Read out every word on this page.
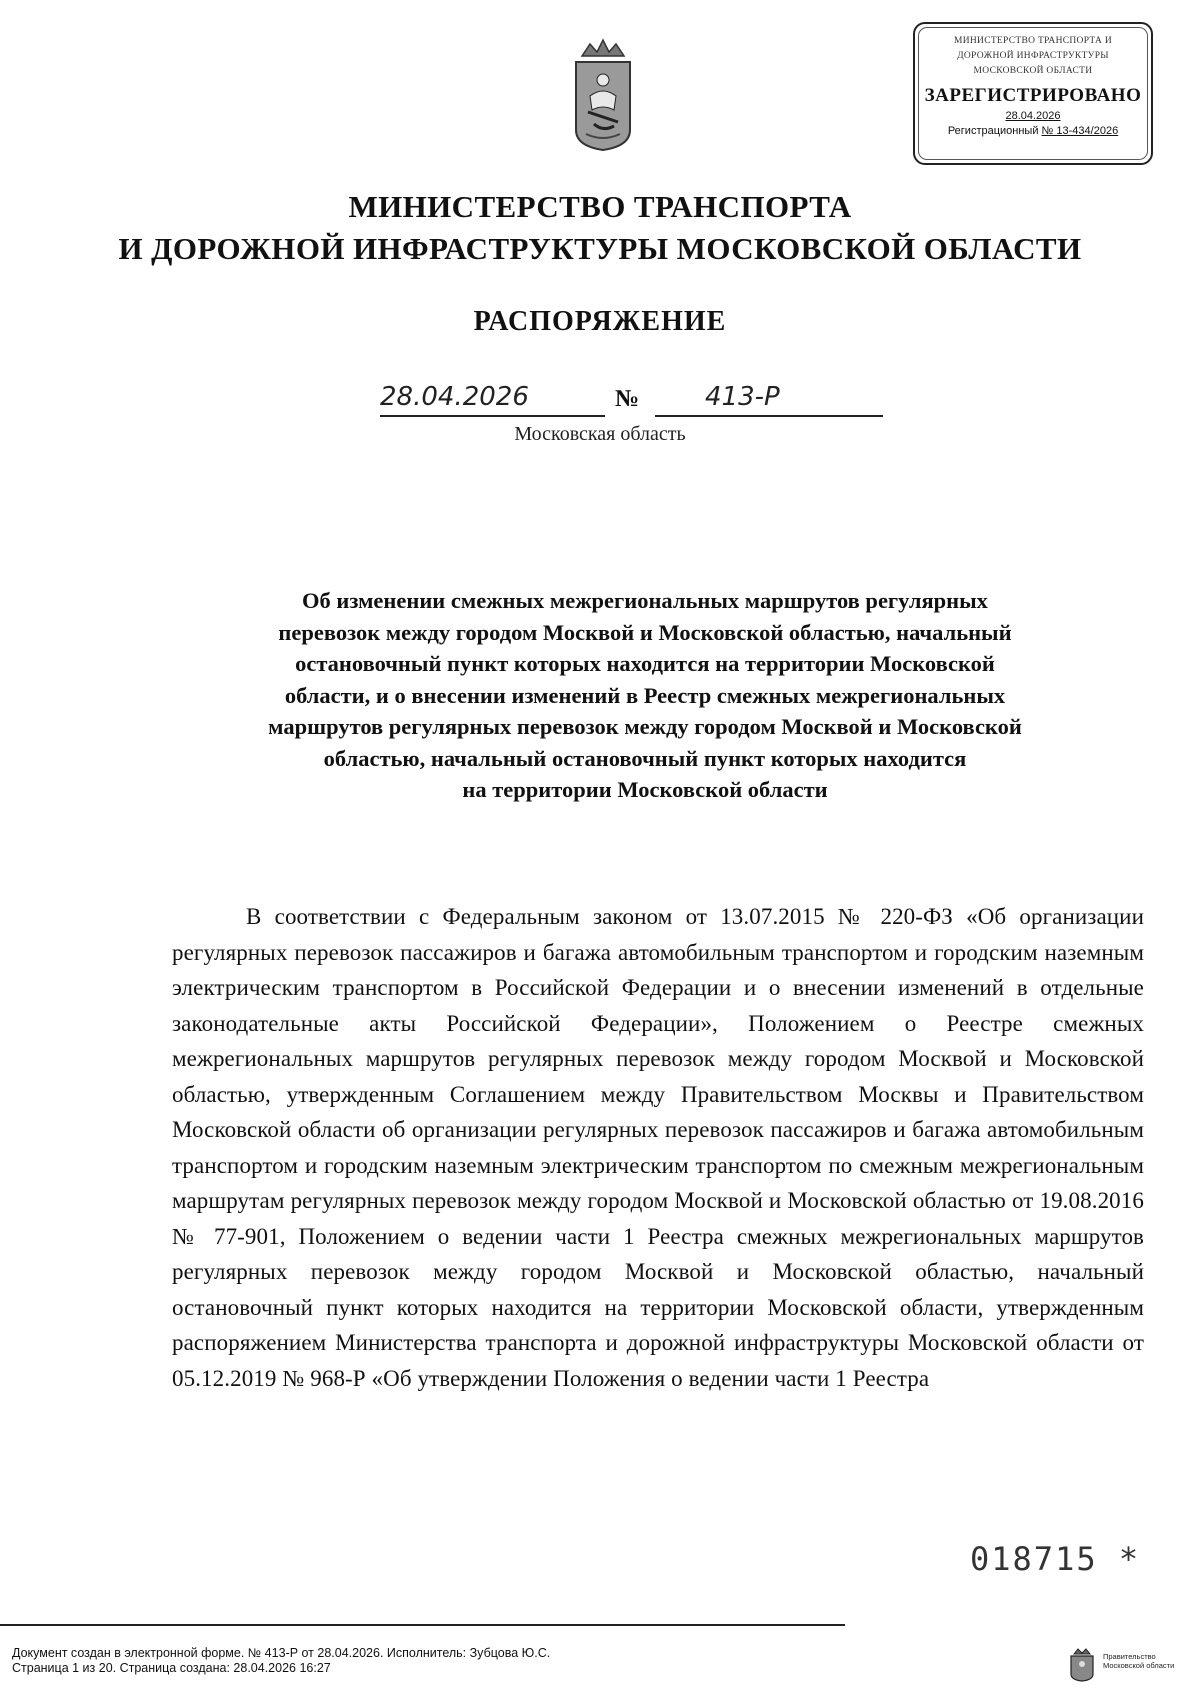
МИНИСТЕРСТВО ТРАНСПОРТА И
ДОРОЖНОЙ ИНФРАСТРУКТУРЫ
МОСКОВСКОЙ ОБЛАСТИ
ЗАРЕГИСТРИРОВАНО
28.04.2026
Регистрационный № 13-434/2026
МИНИСТЕРСТВО ТРАНСПОРТА
И ДОРОЖНОЙ ИНФРАСТРУКТУРЫ МОСКОВСКОЙ ОБЛАСТИ
РАСПОРЯЖЕНИЕ
28.04.2026	№	413-Р
Московская область
Об изменении смежных межрегиональных маршрутов регулярных
перевозок между городом Москвой и Московской областью, начальный
остановочный пункт которых находится на территории Московской
области, и о внесении изменений в Реестр смежных межрегиональных
маршрутов регулярных перевозок между городом Москвой и Московской
областью, начальный остановочный пункт которых находится
на территории Московской области
В соответствии с Федеральным законом от 13.07.2015 № 220-ФЗ «Об организации регулярных перевозок пассажиров и багажа автомобильным транспортом и городским наземным электрическим транспортом в Российской Федерации и о внесении изменений в отдельные законодательные акты Российской Федерации», Положением о Реестре смежных межрегиональных маршрутов регулярных перевозок между городом Москвой и Московской областью, утвержденным Соглашением между Правительством Москвы и Правительством Московской области об организации регулярных перевозок пассажиров и багажа автомобильным транспортом и городским наземным электрическим транспортом по смежным межрегиональным маршрутам регулярных перевозок между городом Москвой и Московской областью от 19.08.2016 № 77-901, Положением о ведении части 1 Реестра смежных межрегиональных маршрутов регулярных перевозок между городом Москвой и Московской областью, начальный остановочный пункт которых находится на территории Московской области, утвержденным распоряжением Министерства транспорта и дорожной инфраструктуры Московской области от 05.12.2019 № 968-Р «Об утверждении Положения о ведении части 1 Реестра
018715 *
Документ создан в электронной форме. № 413-Р от 28.04.2026. Исполнитель: Зубцова Ю.С.
Страница 1 из 20. Страница создана: 28.04.2026 16:27
Правительство
Московской области
